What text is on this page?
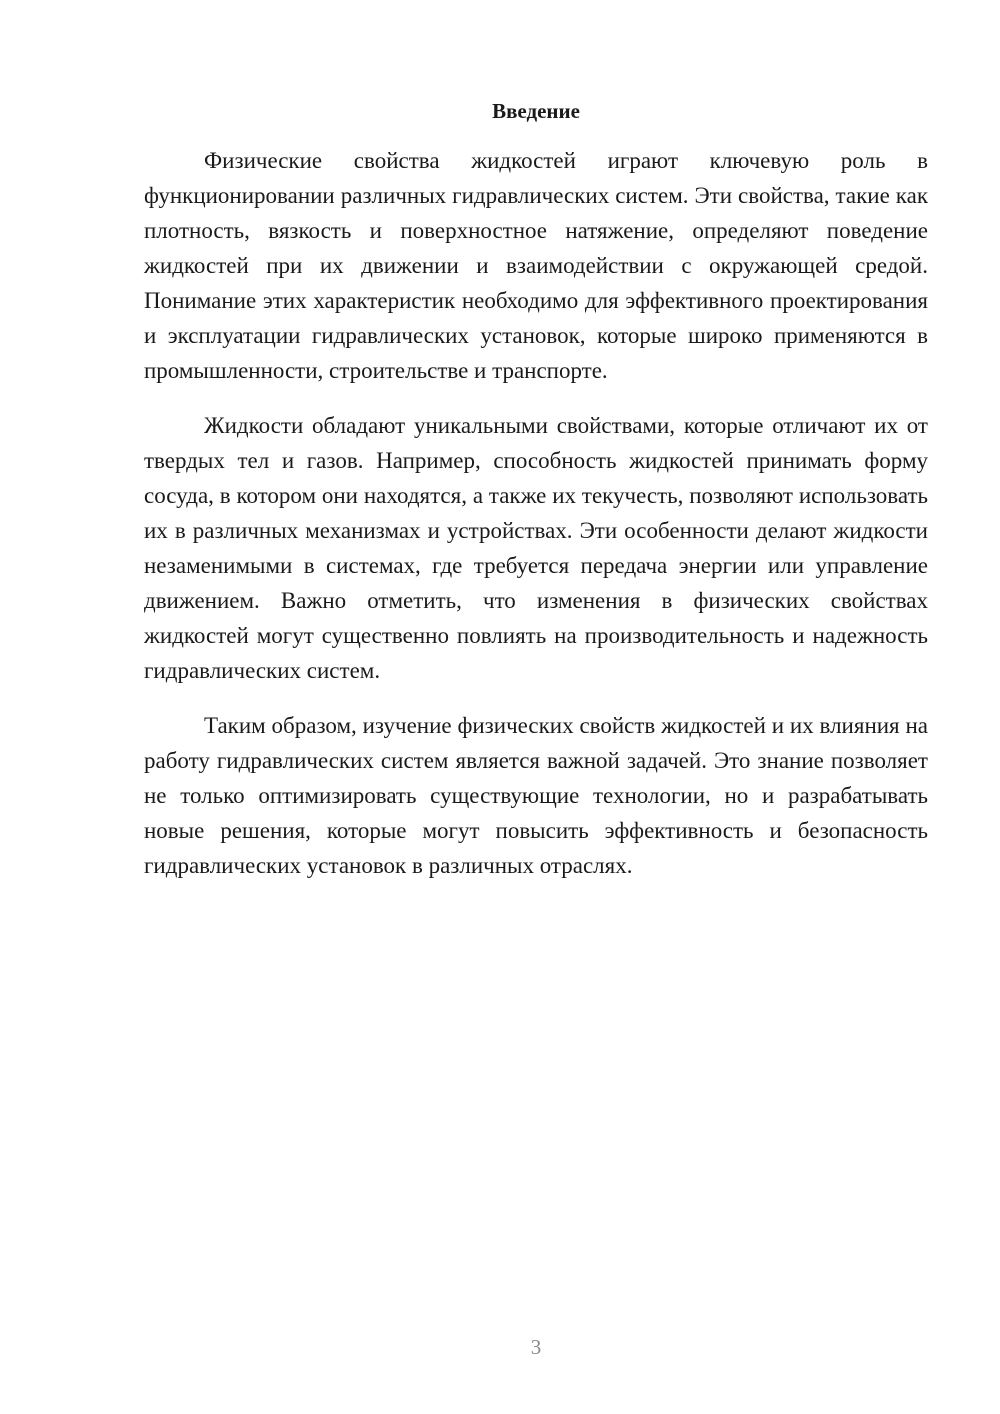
Введение

Физические свойства жидкостей играют ключевую роль в функционировании различных гидравлических систем. Эти свойства, такие как плотность, вязкость и поверхностное натяжение, определяют поведение жидкостей при их движении и взаимодействии с окружающей средой. Понимание этих характеристик необходимо для эффективного проектирования и эксплуатации гидравлических установок, которые широко применяются в промышленности, строительстве и транспорте.

Жидкости обладают уникальными свойствами, которые отличают их от твердых тел и газов. Например, способность жидкостей принимать форму сосуда, в котором они находятся, а также их текучесть, позволяют использовать их в различных механизмах и устройствах. Эти особенности делают жидкости незаменимыми в системах, где требуется передача энергии или управление движением. Важно отметить, что изменения в физических свойствах жидкостей могут существенно повлиять на производительность и надежность гидравлических систем.

Таким образом, изучение физических свойств жидкостей и их влияния на работу гидравлических систем является важной задачей. Это знание позволяет не только оптимизировать существующие технологии, но и разрабатывать новые решения, которые могут повысить эффективность и безопасность гидравлических установок в различных отраслях.

3
